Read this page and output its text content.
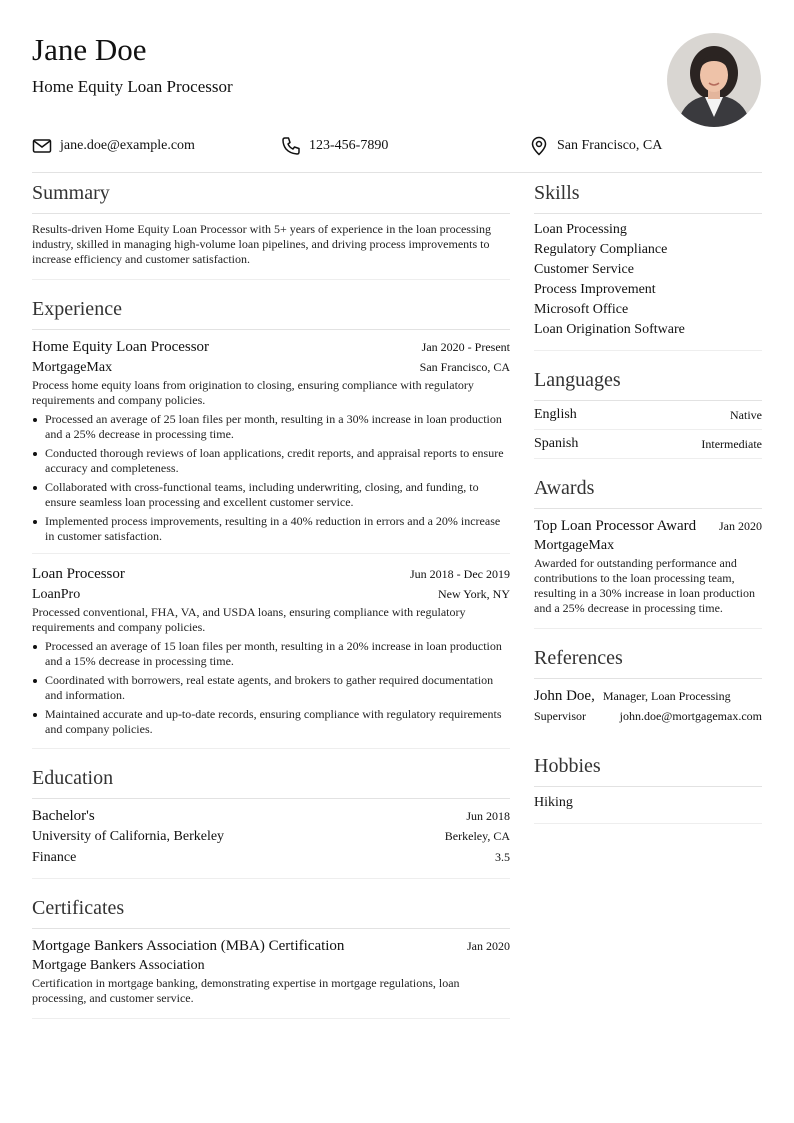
Jane Doe
Home Equity Loan Processor
jane.doe@example.com	123-456-7890	San Francisco, CA
Summary
Results-driven Home Equity Loan Processor with 5+ years of experience in the loan processing industry, skilled in managing high-volume loan pipelines, and driving process improvements to increase efficiency and customer satisfaction.
Experience
Home Equity Loan Processor	Jan 2020 - Present
MortgageMax	San Francisco, CA
Process home equity loans from origination to closing, ensuring compliance with regulatory requirements and company policies.
Processed an average of 25 loan files per month, resulting in a 30% increase in loan production and a 25% decrease in processing time.
Conducted thorough reviews of loan applications, credit reports, and appraisal reports to ensure accuracy and completeness.
Collaborated with cross-functional teams, including underwriting, closing, and funding, to ensure seamless loan processing and excellent customer service.
Implemented process improvements, resulting in a 40% reduction in errors and a 20% increase in customer satisfaction.
Loan Processor	Jun 2018 - Dec 2019
LoanPro	New York, NY
Processed conventional, FHA, VA, and USDA loans, ensuring compliance with regulatory requirements and company policies.
Processed an average of 15 loan files per month, resulting in a 20% increase in loan production and a 15% decrease in processing time.
Coordinated with borrowers, real estate agents, and brokers to gather required documentation and information.
Maintained accurate and up-to-date records, ensuring compliance with regulatory requirements and company policies.
Education
Bachelor's	Jun 2018
University of California, Berkeley	Berkeley, CA
Finance	3.5
Certificates
Mortgage Bankers Association (MBA) Certification	Jan 2020
Mortgage Bankers Association
Certification in mortgage banking, demonstrating expertise in mortgage regulations, loan processing, and customer service.
Skills
Loan Processing
Regulatory Compliance
Customer Service
Process Improvement
Microsoft Office
Loan Origination Software
Languages
English	Native
Spanish	Intermediate
Awards
Top Loan Processor Award Jan 2020
MortgageMax
Awarded for outstanding performance and contributions to the loan processing team, resulting in a 30% increase in loan production and a 25% decrease in processing time.
References
John Doe, Manager, Loan Processing
Supervisor	john.doe@mortgagemax.com
Hobbies
Hiking
